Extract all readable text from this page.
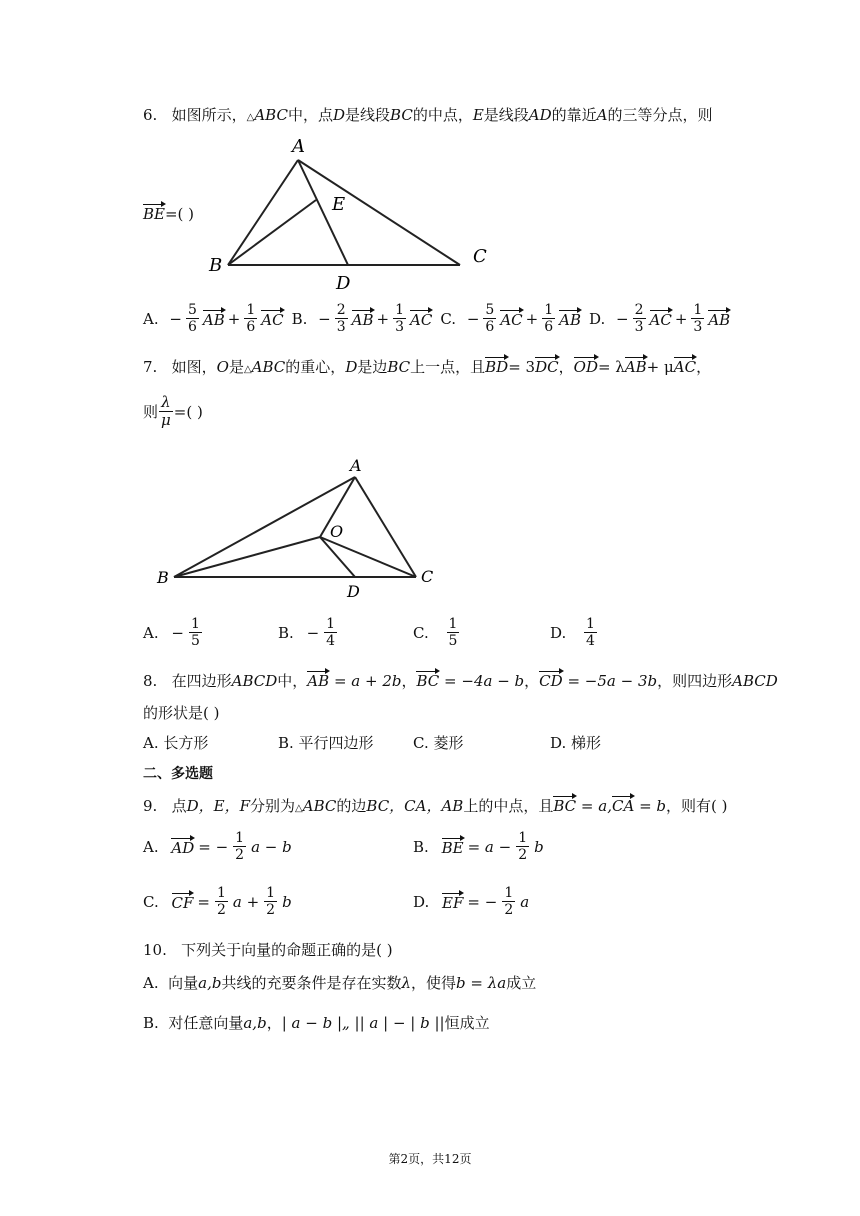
6. 如图所示，△ABC中，点D是线段BC的中点，E是线段AD的靠近A的三等分点，则
A
B	C
D
E
BE=( )
A.
− $\frac{5}{6}$ AB + $\frac{1}{6}$ AC B.
− $\frac{2}{3}$ AB + $\frac{1}{3}$ AC C.
− $\frac{5}{6}$ AC + $\frac{1}{6}$ AB D.
− $\frac{2}{3}$ AC + $\frac{1}{3}$ AB
7. 如图，O是△ABC的重心，D是边BC上一点，且BD= 3DC，OD= λAB+ μAC，
则 $\frac{\lambda}{\mu}$ =( )
A
B	C
D
O
A.
− $\frac{1}{5}$	B.
− $\frac{1}{4}$	C.
$\frac{1}{5}$	D.
$\frac{1}{4}$
8. 在四边形ABCD中，AB = a + 2b，BC = −4a − b，CD = −5a − 3b，则四边形ABCD
的形状是( )
A. 长方形	B. 平行四边形	C. 菱形	D. 梯形
二、多选题
9. 点D，E，F分别为△ABC的边BC，CA，AB上的中点，且BC = a,CA = b，则有( )
A.
AD = − $\frac{1}{2}$ a − b	B.
BE = $a - \frac{1}{2}$ b
C.
CF = $\frac{1}{2}$ $a + \frac{1}{2}$ b	D.
EF = − $\frac{1}{2}$ a
10. 下列关于向量的命题正确的是( )
A. 向量a,b共线的充要条件是存在实数λ，使得b = λa成立
B. 对任意向量a,b，| a − b |„ || a | − | b ||恒成立
第2页，共12页
